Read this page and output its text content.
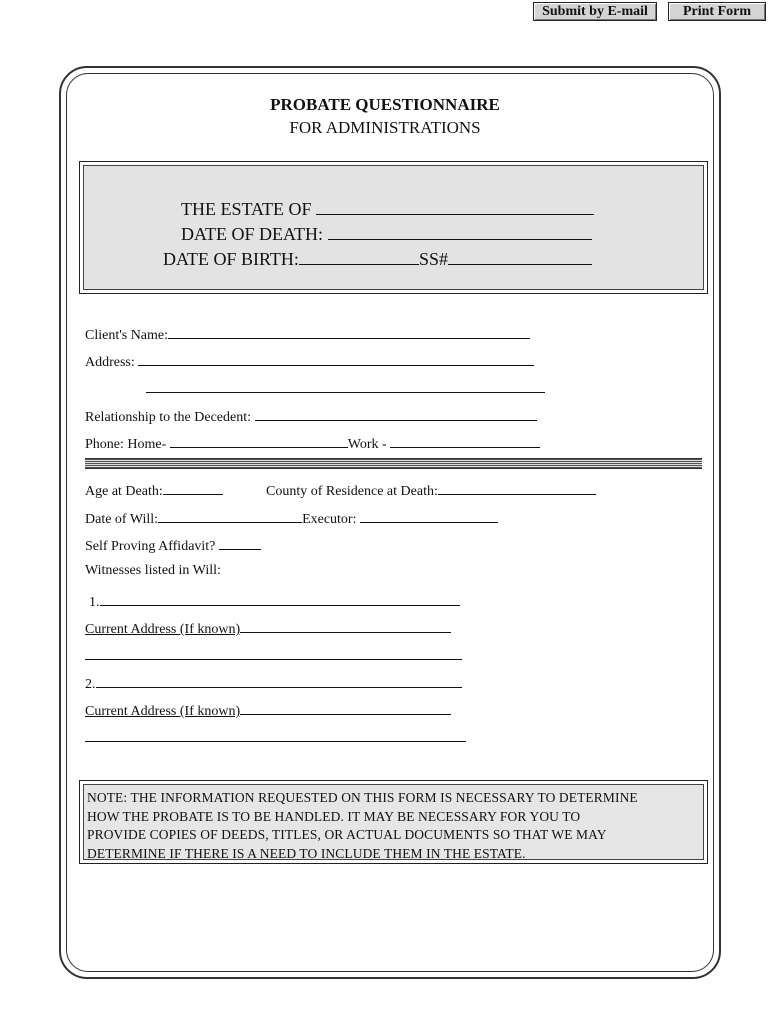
Submit by E-mail	Print Form
PROBATE QUESTIONNAIRE
FOR ADMINISTRATIONS
THE ESTATE OF
DATE OF DEATH:
DATE OF BIRTH:	SS#
Client's Name:
Address:
Relationship to the Decedent:
Phone: Home-	Work -
Age at Death:	County of Residence at Death:
Date of Will:	Executor:
Self Proving Affidavit?
Witnesses listed in Will:
1.
Current Address (If known)
2.
Current Address (If known)
NOTE: THE INFORMATION REQUESTED ON THIS FORM IS NECESSARY TO DETERMINE
HOW THE PROBATE IS TO BE HANDLED. IT MAY BE NECESSARY FOR YOU TO
PROVIDE COPIES OF DEEDS, TITLES, OR ACTUAL DOCUMENTS SO THAT WE MAY
DETERMINE IF THERE IS A NEED TO INCLUDE THEM IN THE ESTATE.
